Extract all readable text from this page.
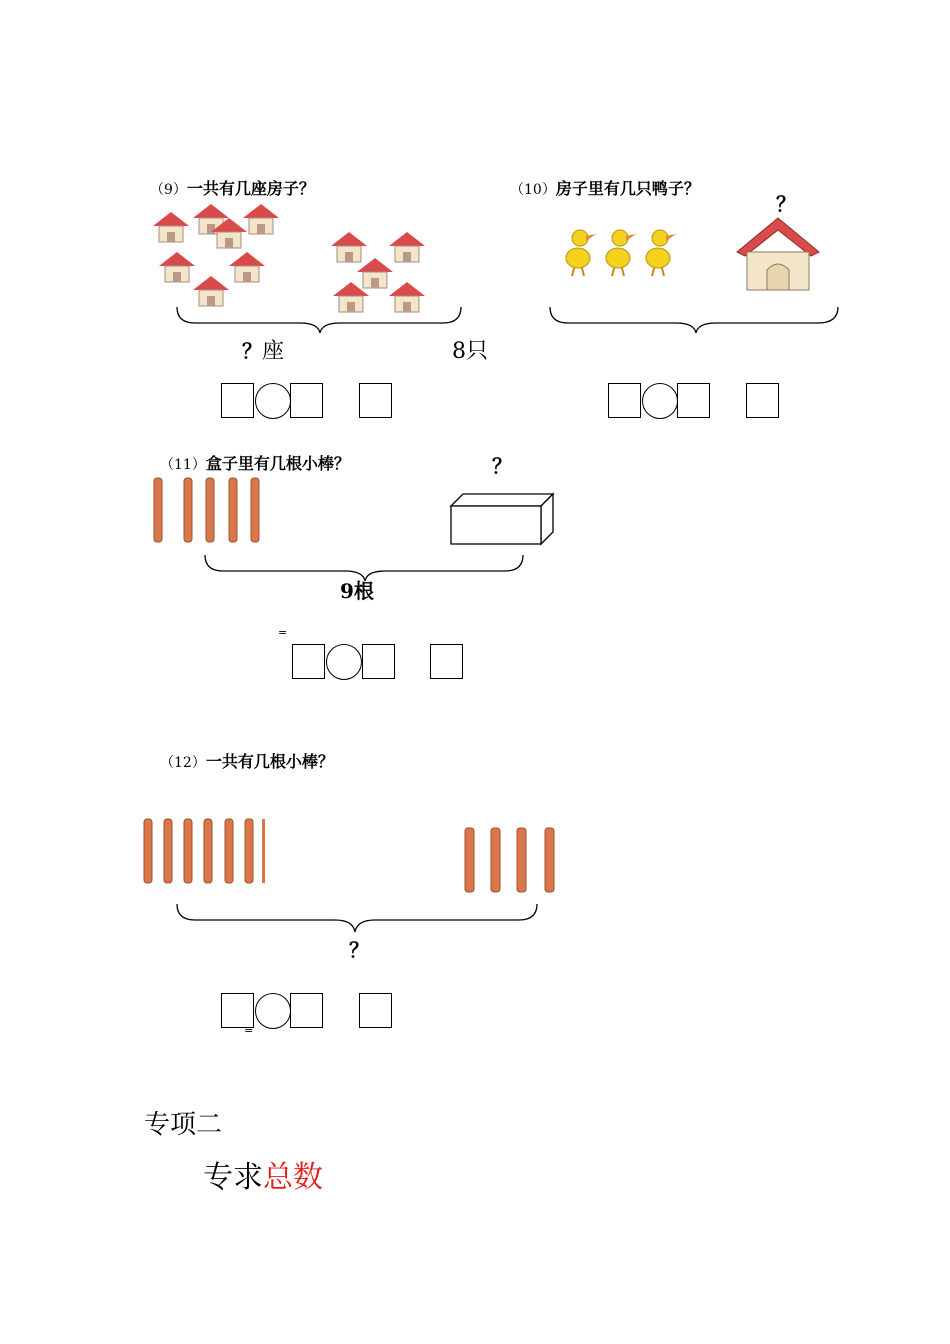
（9）一共有几座房子？
？座	8只
（10）房子里有几只鸭子？
？
（11）盒子里有几根小棒？	？
9根
=
（12）一共有几根小棒？
？
=
专项二
专求总数
